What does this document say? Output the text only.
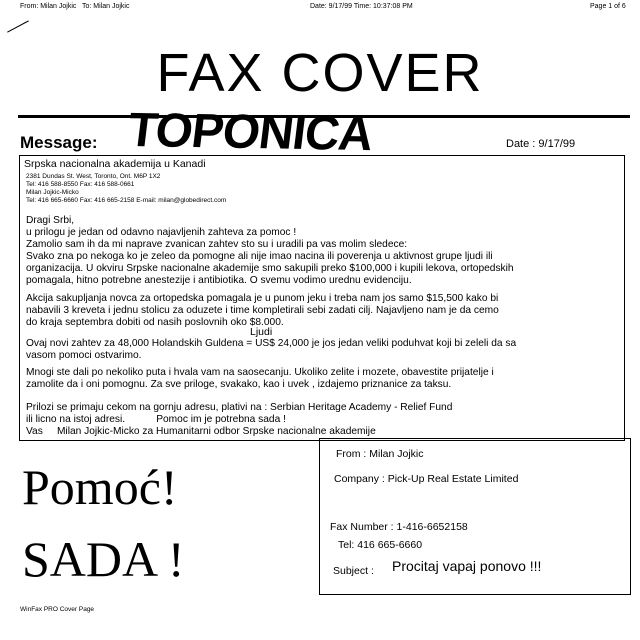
From: Milan Jojkic To: Milan Jojkic	Date: 9/17/99 Time: 10:37:08 PM	Page 1 of 6
FAX COVER
Message: TOPONICA	Date : 9/17/99
Srpska nacionalna akademija u Kanadi
2381 Dundas St. West, Toronto, Ont. M6P 1X2
Tel: 416 588-8550 Fax: 416 588-0661
Milan Jojkic-Micko
Tel: 416 665-6660 Fax: 416 665-2158 E-mail: milan@globedirect.com
Dragi Srbi,
u prilogu je jedan od odavno najavljenih zahteva za pomoc !
Zamolio sam ih da mi naprave zvanican zahtev sto su i uradili pa vas molim sledece:
Svako zna po nekoga ko je zeleo da pomogne ali nije imao nacina ili poverenja u aktivnost grupe ljudi ili
organizacija. U okviru Srpske nacionalne akademije smo sakupili preko $100,000 i kupili lekova, ortopedskih
pomagala, hitno potrebne anestezije i antibiotika. O svemu vodimo urednu evidenciju.
Akcija sakupljanja novca za ortopedska pomagala je u punom jeku i treba nam jos samo $15,500 kako bi
nabavili 3 kreveta i jednu stolicu za oduzete i time kompletirali sebi zadati cilj. Najavljeno nam je da cemo
do kraja septembra dobiti od nasih poslovnih oko $8.000.
Ljudi
Ovaj novi zahtev za 48,000 Holandskih Guldena = US$ 24,000 je jos jedan veliki poduhvat koji bi zeleli da sa
vasom pomoci ostvarimo.
Mnogi ste dali po nekoliko puta i hvala vam na saosecanju. Ukoliko zelite i mozete, obavestite prijatelje i
zamolite da i oni pomognu. Za sve priloge, svakako, kao i uvek , izdajemo priznanice za taksu.
Prilozi se primaju cekom na gornju adresu, plativi na : Serbian Heritage Academy - Relief Fund
ili licno na istoj adresi.           Pomoc im je potrebna sada !
Vas     Milan Jojkic-Micko za Humanitarni odbor Srpske nacionalne akademije
Pomoć!
SADA !
From : Milan Jojkic
Company : Pick-Up Real Estate Limited
Fax Number : 1-416-6652158
Tel: 416 665-6660
Subject : Procitaj vapaj ponovo !!!
WinFax PRO Cover Page
